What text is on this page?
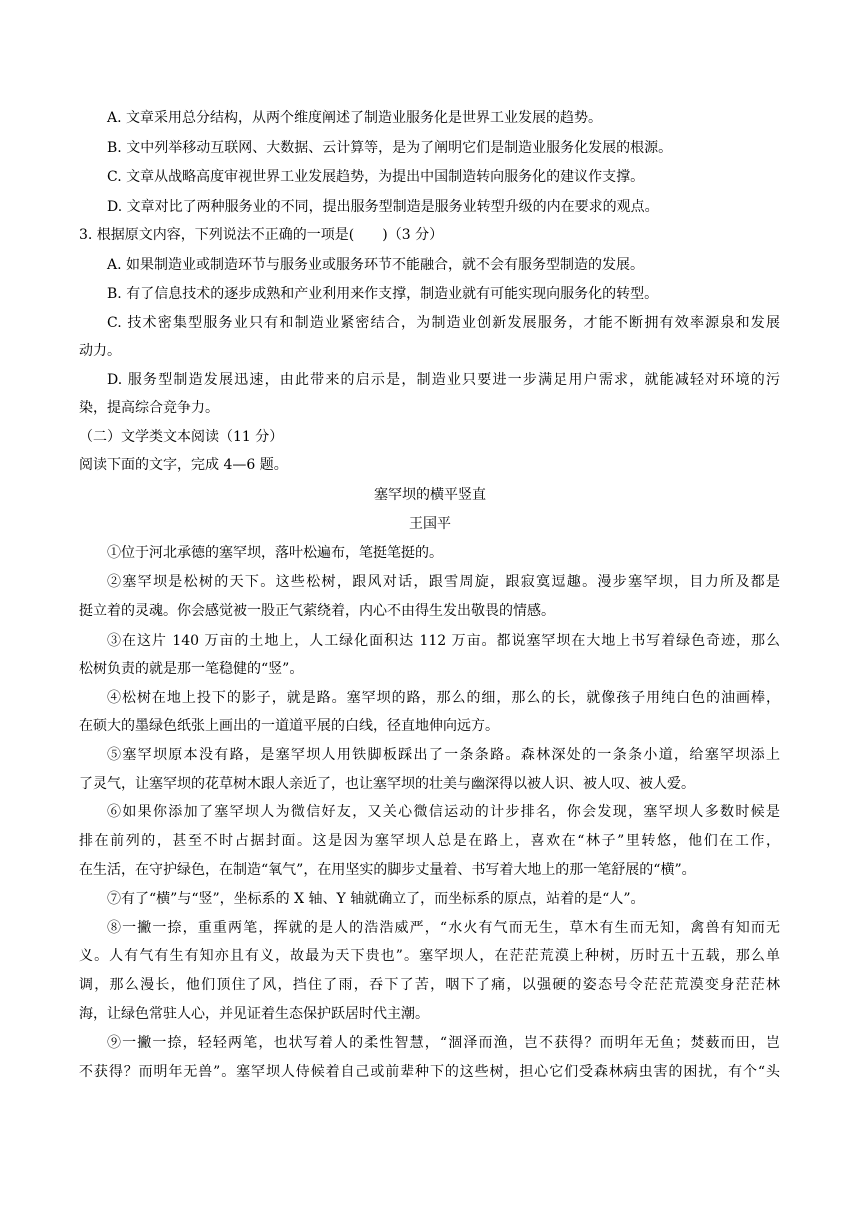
A. 文章采用总分结构，从两个维度阐述了制造业服务化是世界工业发展的趋势。
B. 文中列举移动互联网、大数据、云计算等，是为了阐明它们是制造业服务化发展的根源。
C. 文章从战略高度审视世界工业发展趋势，为提出中国制造转向服务化的建议作支撑。
D. 文章对比了两种服务业的不同，提出服务型制造是服务业转型升级的内在要求的观点。
3. 根据原文内容，下列说法不正确的一项是(　　)（3 分）
A. 如果制造业或制造环节与服务业或服务环节不能融合，就不会有服务型制造的发展。
B. 有了信息技术的逐步成熟和产业利用来作支撑，制造业就有可能实现向服务化的转型。
C. 技术密集型服务业只有和制造业紧密结合，为制造业创新发展服务，才能不断拥有效率源泉和发展
动力。
D. 服务型制造发展迅速，由此带来的启示是，制造业只要进一步满足用户需求，就能减轻对环境的污
染，提高综合竞争力。
（二）文学类文本阅读（11 分）
阅读下面的文字，完成 4—6 题。
塞罕坝的横平竖直
王国平
①位于河北承德的塞罕坝，落叶松遍布，笔挺笔挺的。
②塞罕坝是松树的天下。这些松树，跟风对话，跟雪周旋，跟寂寞逗趣。漫步塞罕坝，目力所及都是
挺立着的灵魂。你会感觉被一股正气萦绕着，内心不由得生发出敬畏的情感。
③在这片 140 万亩的土地上，人工绿化面积达 112 万亩。都说塞罕坝在大地上书写着绿色奇迹，那么
松树负责的就是那一笔稳健的“竖”。
④松树在地上投下的影子，就是路。塞罕坝的路，那么的细，那么的长，就像孩子用纯白色的油画棒，
在硕大的墨绿色纸张上画出的一道道平展的白线，径直地伸向远方。
⑤塞罕坝原本没有路，是塞罕坝人用铁脚板踩出了一条条路。森林深处的一条条小道，给塞罕坝添上
了灵气，让塞罕坝的花草树木跟人亲近了，也让塞罕坝的壮美与幽深得以被人识、被人叹、被人爱。
⑥如果你添加了塞罕坝人为微信好友，又关心微信运动的计步排名，你会发现，塞罕坝人多数时候是
排在前列的，甚至不时占据封面。这是因为塞罕坝人总是在路上，喜欢在“林子”里转悠，他们在工作，
在生活，在守护绿色，在制造“氧气”，在用坚实的脚步丈量着、书写着大地上的那一笔舒展的“横”。
⑦有了“横”与“竖”，坐标系的 X 轴、Y 轴就确立了，而坐标系的原点，站着的是“人”。
⑧一撇一捺，重重两笔，挥就的是人的浩浩威严，“水火有气而无生，草木有生而无知，禽兽有知而无
义。人有气有生有知亦且有义，故最为天下贵也”。塞罕坝人，在茫茫荒漠上种树，历时五十五载，那么单
调，那么漫长，他们顶住了风，挡住了雨，吞下了苦，咽下了痛，以强硬的姿态号令茫茫荒漠变身茫茫林
海，让绿色常驻人心，并见证着生态保护跃居时代主潮。
⑨一撇一捺，轻轻两笔，也状写着人的柔性智慧，“涸泽而渔，岂不获得？而明年无鱼；焚薮而田，岂
不获得？而明年无兽”。塞罕坝人侍候着自己或前辈种下的这些树，担心它们受森林病虫害的困扰，有个“头
